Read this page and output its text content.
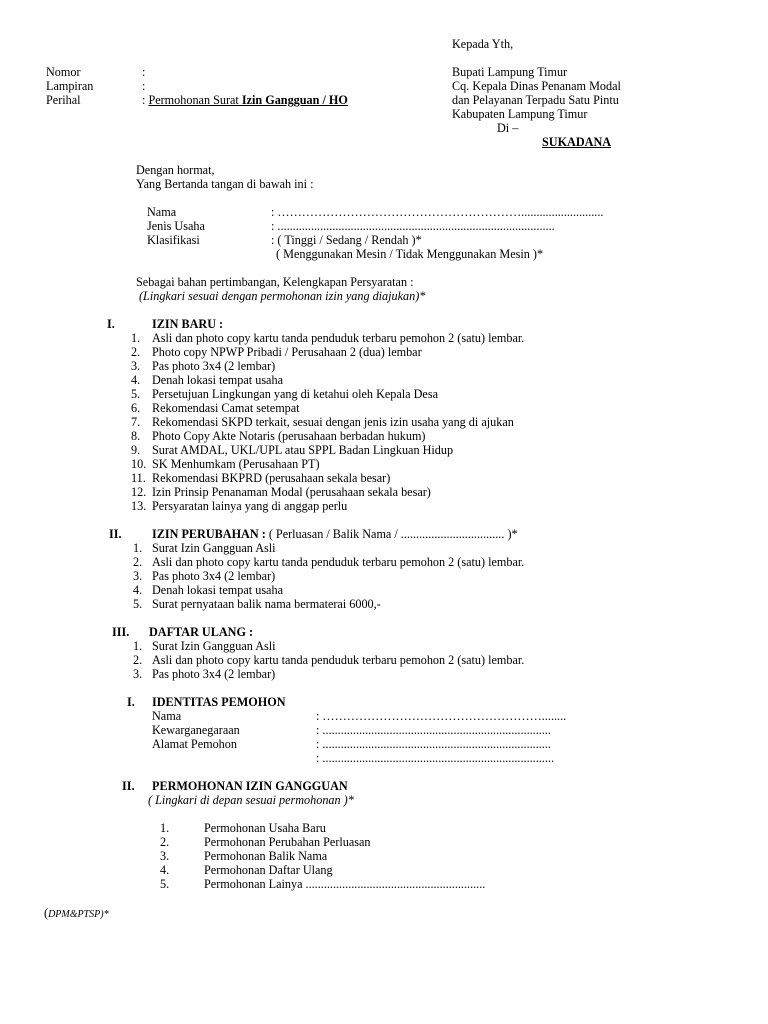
Kepada Yth,
Nomor	:
Lampiran	:
Perihal	: Permohonan Surat Izin Gangguan / HO
Bupati Lampung Timur
Cq. Kepala Dinas Penanam Modal
dan Pelayanan Terpadu Satu Pintu
Kabupaten Lampung Timur
Di –
SUKADANA
Dengan hormat,
Yang Bertanda tangan di bawah ini :
Nama	: ……………………………………………………...........................
Jenis Usaha	: ...........................................................................................
Klasifikasi	: ( Tinggi / Sedang / Rendah )*
( Menggunakan Mesin / Tidak Menggunakan Mesin )*
Sebagai bahan pertimbangan, Kelengkapan Persyaratan :
(Lingkari sesuai dengan permohonan izin yang diajukan)*
I.	IZIN BARU :
1. Asli dan photo copy kartu tanda penduduk terbaru pemohon 2 (satu) lembar.
2. Photo copy NPWP Pribadi / Perusahaan 2 (dua) lembar
3. Pas photo 3x4 (2 lembar)
4. Denah lokasi tempat usaha
5. Persetujuan Lingkungan yang di ketahui oleh Kepala Desa
6. Rekomendasi Camat setempat
7. Rekomendasi SKPD terkait, sesuai dengan jenis izin usaha yang di ajukan
8. Photo Copy Akte Notaris (perusahaan berbadan hukum)
9. Surat AMDAL, UKL/UPL atau SPPL Badan Lingkuan Hidup
10. SK Menhumkam (Perusahaan PT)
11. Rekomendasi BKPRD (perusahaan sekala besar)
12. Izin Prinsip Penanaman Modal (perusahaan sekala besar)
13. Persyaratan lainya yang di anggap perlu
II. IZIN PERUBAHAN : ( Perluasan / Balik Nama / .................................. )*
1. Surat Izin Gangguan Asli
2. Asli dan photo copy kartu tanda penduduk terbaru pemohon 2 (satu) lembar.
3. Pas photo 3x4 (2 lembar)
4. Denah lokasi tempat usaha
5. Surat pernyataan balik nama bermaterai 6000,-
III. DAFTAR ULANG :
1. Surat Izin Gangguan Asli
2. Asli dan photo copy kartu tanda penduduk terbaru pemohon 2 (satu) lembar.
3. Pas photo 3x4 (2 lembar)
I. IDENTITAS PEMOHON
Nama	: ………………………………………………........
Kewarganegaraan	: ...........................................................................
Alamat Pemohon	: ...........................................................................
: ............................................................................
II. PERMOHONAN IZIN GANGGUAN
( Lingkari di depan sesuai permohonan )*
1.	Permohonan Usaha Baru
2.	Permohonan Perubahan Perluasan
3.	Permohonan Balik Nama
4.	Permohonan Daftar Ulang
5.	Permohonan Lainya ...........................................................
(DPM&PTSP)*
